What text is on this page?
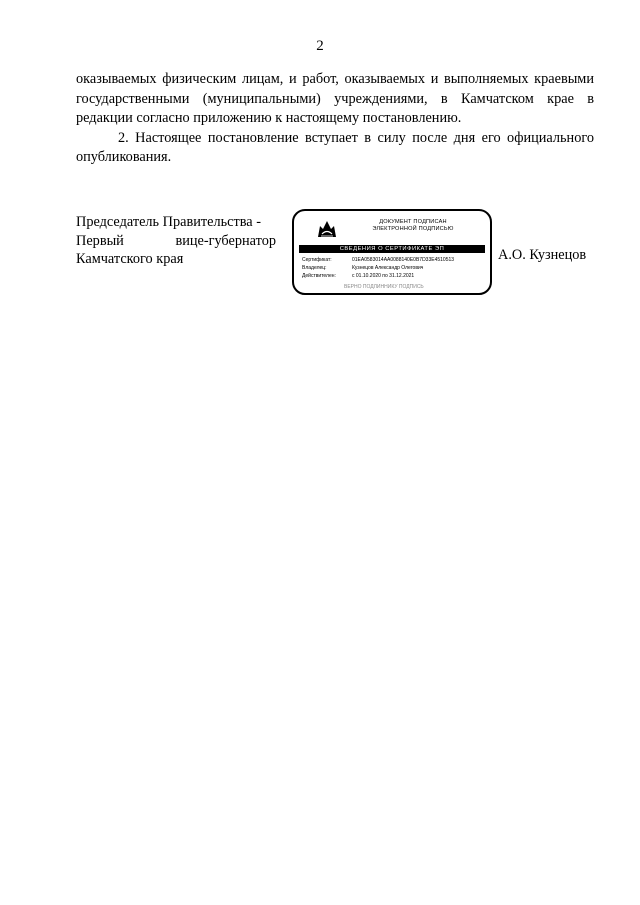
2

оказываемых физическим лицам, и работ, оказываемых и выполняемых краевыми государственными (муниципальными) учреждениями, в Камчатском крае в редакции согласно приложению к настоящему постановлению.

2. Настоящее постановление вступает в силу после дня его официального опубликования.

Председатель Правительства -
Первый	вице-губернатор
Камчатского края
ДОКУМЕНТ ПОДПИСАН
ЭЛЕКТРОННОЙ ПОДПИСЬЮ
СВЕДЕНИЯ О СЕРТИФИКАТЕ ЭП
Сертификат:	01EA0583014AA0088140E0B7D33E4510513
Владелец:	Кузнецов Александр Олегович
Действителен:	с 01.10.2020 по 31.12.2021
ВЕРНО ПОДЛИННИКУ ПОДПИСЬ
А.О. Кузнецов
